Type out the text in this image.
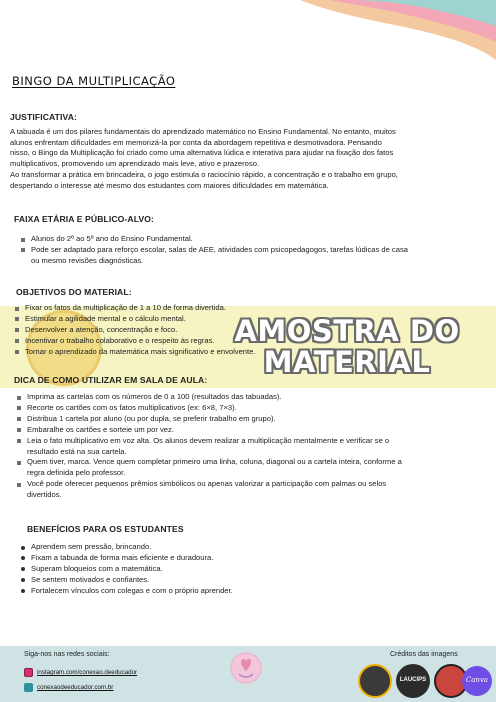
BINGO DA MULTIPLICAÇÃO
JUSTIFICATIVA:
A tabuada é um dos pilares fundamentais do aprendizado matemático no Ensino Fundamental. No entanto, muitos
alunos enfrentam dificuldades em memorizá-la por conta da abordagem repetitiva e desmotivadora. Pensando
nisso, o Bingo da Multiplicação foi criado como uma alternativa lúdica e interativa para ajudar na fixação dos fatos
multiplicativos, promovendo um aprendizado mais leve, ativo e prazeroso.
Ao transformar a prática em brincadeira, o jogo estimula o raciocínio rápido, a concentração e o trabalho em grupo,
despertando o interesse até mesmo dos estudantes com maiores dificuldades em matemática.
FAIXA ETÁRIA E PÚBLICO-ALVO:
Alunos do 2º ao 5º ano do Ensino Fundamental.
Pode ser adaptado para reforço escolar, salas de AEE, atividades com psicopedagogos, tarefas lúdicas de casa
ou mesmo revisões diagnósticas.
OBJETIVOS DO MATERIAL:
Fixar os fatos da multiplicação de 1 a 10 de forma divertida.
Estimular a agilidade mental e o cálculo mental.
Desenvolver a atenção, concentração e foco.
Incentivar o trabalho colaborativo e o respeito às regras.
Tornar o aprendizado da matemática mais significativo e envolvente.
AMOSTRA DO MATERIAL
DICA DE COMO UTILIZAR EM SALA DE AULA:
Imprima as cartelas com os números de 0 a 100 (resultados das tabuadas).
Recorte os cartões com os fatos multiplicativos (ex: 6×8, 7×3).
Distribua 1 cartela por aluno (ou por dupla, se preferir trabalho em grupo).
Embaralhe os cartões e sorteie um por vez.
Leia o fato multiplicativo em voz alta. Os alunos devem realizar a multiplicação mentalmente e verificar se o
resultado está na sua cartela.
Quem tiver, marca. Vence quem completar primeiro uma linha, coluna, diagonal ou a cartela inteira, conforme a
regra definida pelo professor.
Você pode oferecer pequenos prêmios simbólicos ou apenas valorizar a participação com palmas ou selos
divertidos.
BENEFÍCIOS PARA OS ESTUDANTES
Aprendem sem pressão, brincando.
Fixam a tabuada de forma mais eficiente e duradoura.
Superam bloqueios com a matemática.
Se sentem motivados e confiantes.
Fortalecem vínculos com colegas e com o próprio aprender.
Siga-nos nas redes sociais:
instagram.com/conexao.deeducador
conexaodeeducador.com.br
Créditos das imagens
LAUCIPS	Canva
